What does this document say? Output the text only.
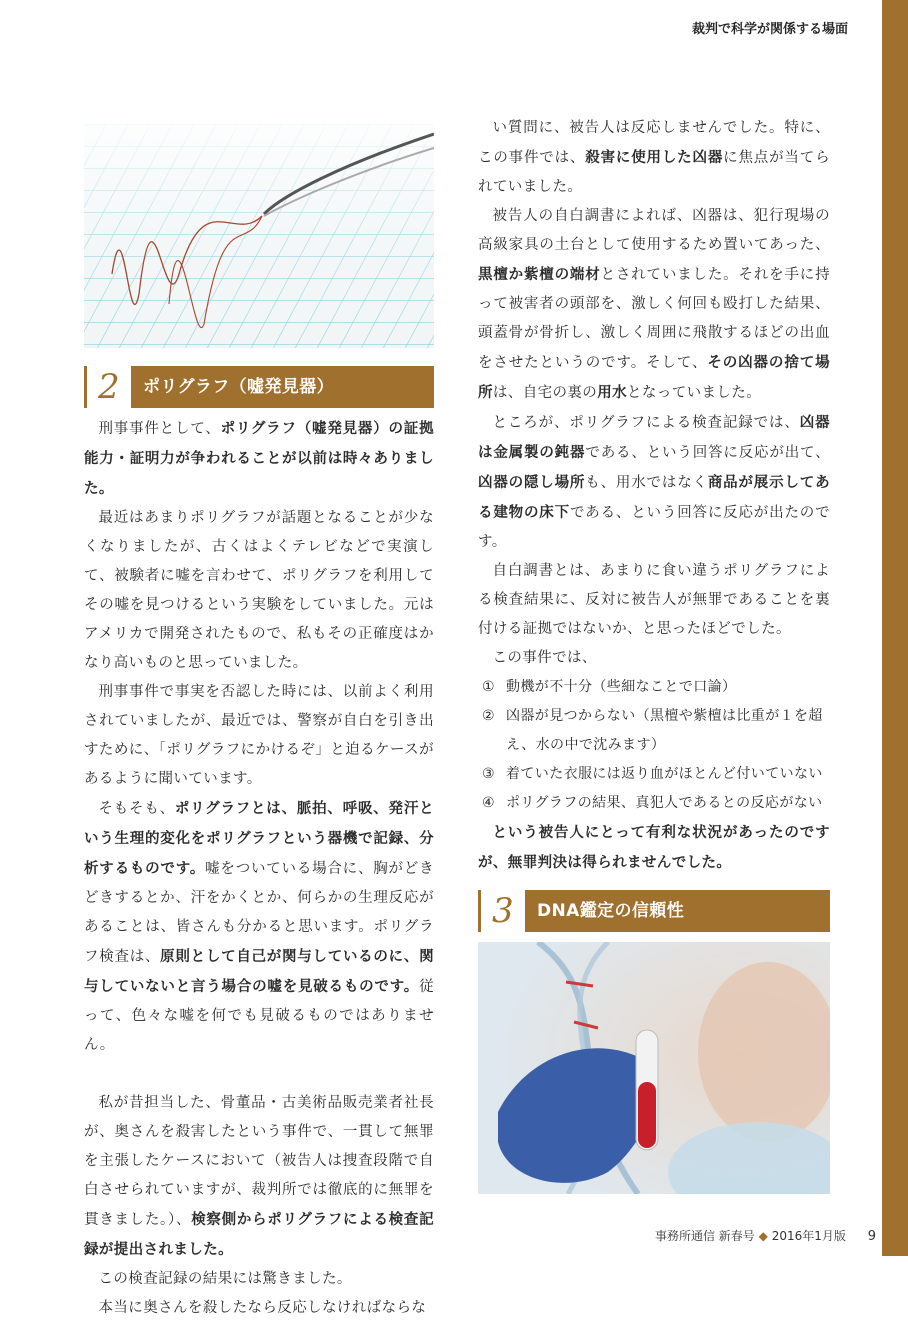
裁判で科学が関係する場面
2	ポリグラフ（嘘発見器）

刑事事件として、ポリグラフ（嘘発見器）の証拠能力・証明力が争われることが以前は時々ありました。

最近はあまりポリグラフが話題となることが少なくなりましたが、古くはよくテレビなどで実演して、被験者に嘘を言わせて、ポリグラフを利用してその嘘を見つけるという実験をしていました。元はアメリカで開発されたもので、私もその正確度はかなり高いものと思っていました。

刑事事件で事実を否認した時には、以前よく利用されていましたが、最近では、警察が自白を引き出すために、「ポリグラフにかけるぞ」と迫るケースがあるように聞いています。

そもそも、ポリグラフとは、脈拍、呼吸、発汗という生理的変化をポリグラフという器機で記録、分析するものです。嘘をついている場合に、胸がどきどきするとか、汗をかくとか、何らかの生理反応があることは、皆さんも分かると思います。ポリグラフ検査は、原則として自己が関与しているのに、関与していないと言う場合の嘘を見破るものです。従って、色々な嘘を何でも見破るものではありません。

私が昔担当した、骨董品・古美術品販売業者社長が、奥さんを殺害したという事件で、一貫して無罪を主張したケースにおいて（被告人は捜査段階で自白させられていますが、裁判所では徹底的に無罪を貫きました。）、検察側からポリグラフによる検査記録が提出されました。

この検査記録の結果には驚きました。

本当に奥さんを殺したなら反応しなければならな

い質問に、被告人は反応しませんでした。特に、この事件では、殺害に使用した凶器に焦点が当てられていました。

被告人の自白調書によれば、凶器は、犯行現場の高級家具の土台として使用するため置いてあった、黒檀か紫檀の端材とされていました。それを手に持って被害者の頭部を、激しく何回も殴打した結果、頭蓋骨が骨折し、激しく周囲に飛散するほどの出血をさせたというのです。そして、その凶器の捨て場所は、自宅の裏の用水となっていました。

ところが、ポリグラフによる検査記録では、凶器は金属製の鈍器である、という回答に反応が出て、凶器の隠し場所も、用水ではなく商品が展示してある建物の床下である、という回答に反応が出たのです。

自白調書とは、あまりに食い違うポリグラフによる検査結果に、反対に被告人が無罪であることを裏付ける証拠ではないか、と思ったほどでした。

この事件では、

① 動機が不十分（些細なことで口論）
② 凶器が見つからない（黒檀や紫檀は比重が１を超え、水の中で沈みます）
③ 着ていた衣服には返り血がほとんど付いていない
④ ポリグラフの結果、真犯人であるとの反応がない

という被告人にとって有利な状況があったのですが、無罪判決は得られませんでした。

3	DNA鑑定の信頼性

事務所通信 新春号 ◆ 2016年1月版 9
